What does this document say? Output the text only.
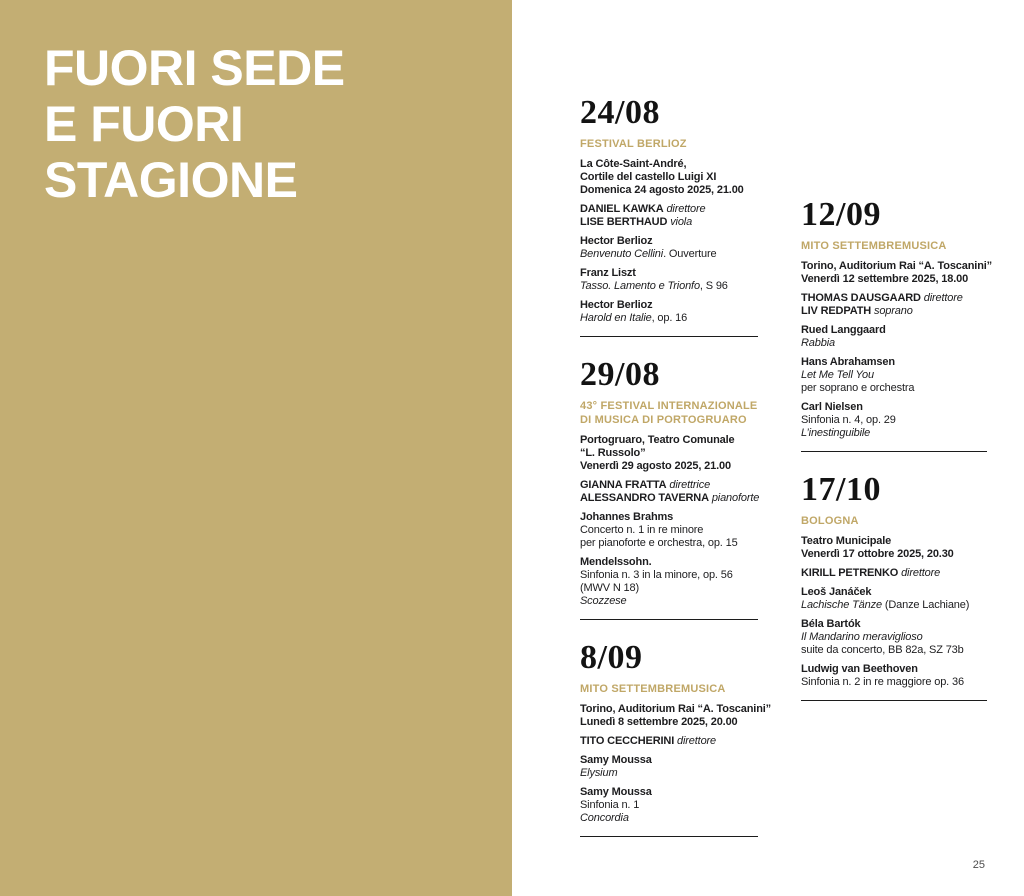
FUORI SEDE
E FUORI
STAGIONE
24/08
FESTIVAL BERLIOZ
La Côte-Saint-André,
Cortile del castello Luigi XI
Domenica 24 agosto 2025, 21.00
DANIEL KAWKA direttore
LISE BERTHAUD viola
Hector Berlioz
Benvenuto Cellini. Ouverture
Franz Liszt
Tasso. Lamento e Trionfo, S 96
Hector Berlioz
Harold en Italie, op. 16
29/08
43° FESTIVAL INTERNAZIONALE
DI MUSICA DI PORTOGRUARO
Portogruaro, Teatro Comunale
“L. Russolo”
Venerdì 29 agosto 2025, 21.00
GIANNA FRATTA direttrice
ALESSANDRO TAVERNA pianoforte
Johannes Brahms
Concerto n. 1 in re minore
per pianoforte e orchestra, op. 15
Mendelssohn.
Sinfonia n. 3 in la minore, op. 56
(MWV N 18)
Scozzese
8/09
MITO SETTEMBREMUSICA
Torino, Auditorium Rai “A. Toscanini”
Lunedì 8 settembre 2025, 20.00
TITO CECCHERINI direttore
Samy Moussa
Elysium
Samy Moussa
Sinfonia n. 1
Concordia
12/09
MITO SETTEMBREMUSICA
Torino, Auditorium Rai “A. Toscanini”
Venerdì 12 settembre 2025, 18.00
THOMAS DAUSGAARD direttore
LIV REDPATH soprano
Rued Langgaard
Rabbia
Hans Abrahamsen
Let Me Tell You
per soprano e orchestra
Carl Nielsen
Sinfonia n. 4, op. 29
L’inestinguibile
17/10
BOLOGNA
Teatro Municipale
Venerdì 17 ottobre 2025, 20.30
KIRILL PETRENKO direttore
Leoš Janáček
Lachische Tänze (Danze Lachiane)
Béla Bartók
Il Mandarino meraviglioso
suite da concerto, BB 82a, SZ 73b
Ludwig van Beethoven
Sinfonia n. 2 in re maggiore op. 36
25
